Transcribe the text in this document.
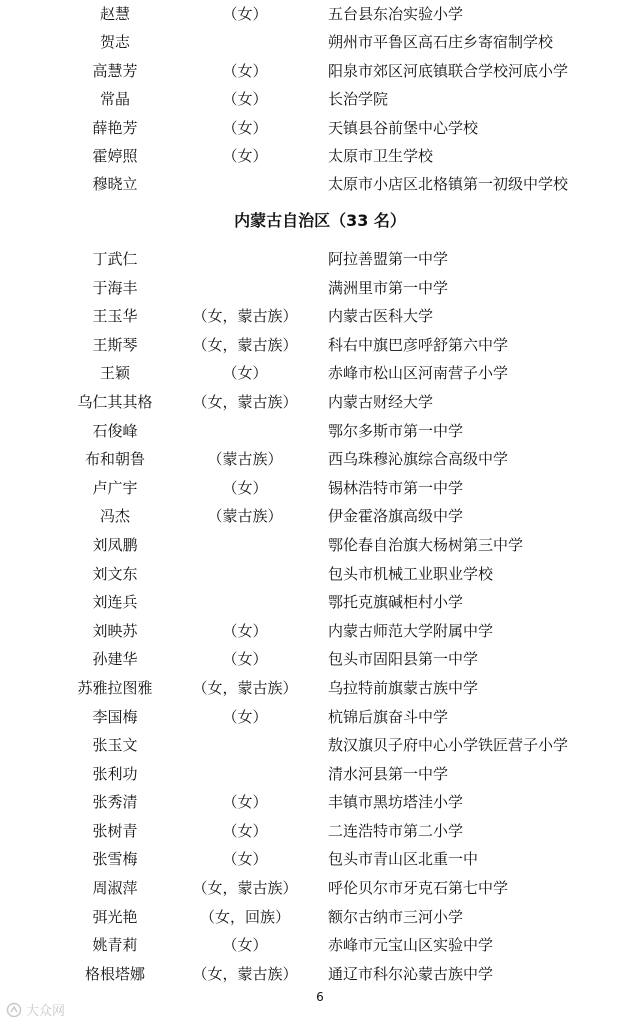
赵慧	（女）	五台县东冶实验小学
贺志	朔州市平鲁区高石庄乡寄宿制学校
高慧芳	（女）	阳泉市郊区河底镇联合学校河底小学
常晶	（女）	长治学院
薛艳芳	（女）	天镇县谷前堡中心学校
霍婷照	（女）	太原市卫生学校
穆晓立	太原市小店区北格镇第一初级中学校
内蒙古自治区（33 名）
丁武仁	阿拉善盟第一中学
于海丰	满洲里市第一中学
王玉华	（女，蒙古族）	内蒙古医科大学
王斯琴	（女，蒙古族）	科右中旗巴彦呼舒第六中学
王颖	（女）	赤峰市松山区河南营子小学
乌仁其其格	（女，蒙古族）	内蒙古财经大学
石俊峰	鄂尔多斯市第一中学
布和朝鲁	（蒙古族）	西乌珠穆沁旗综合高级中学
卢广宇	（女）	锡林浩特市第一中学
冯杰	（蒙古族）	伊金霍洛旗高级中学
刘凤鹏	鄂伦春自治旗大杨树第三中学
刘文东	包头市机械工业职业学校
刘连兵	鄂托克旗碱柜村小学
刘映苏	（女）	内蒙古师范大学附属中学
孙建华	（女）	包头市固阳县第一中学
苏雅拉图雅	（女，蒙古族）	乌拉特前旗蒙古族中学
李国梅	（女）	杭锦后旗奋斗中学
张玉文	敖汉旗贝子府中心小学铁匠营子小学
张利功	清水河县第一中学
张秀清	（女）	丰镇市黑坊塔洼小学
张树青	（女）	二连浩特市第二小学
张雪梅	（女）	包头市青山区北重一中
周淑萍	（女，蒙古族）	呼伦贝尔市牙克石第七中学
弭光艳	（女，回族）	额尔古纳市三河小学
姚青莉	（女）	赤峰市元宝山区实验中学
格根塔娜	（女，蒙古族）	通辽市科尔沁蒙古族中学
6
大众网
